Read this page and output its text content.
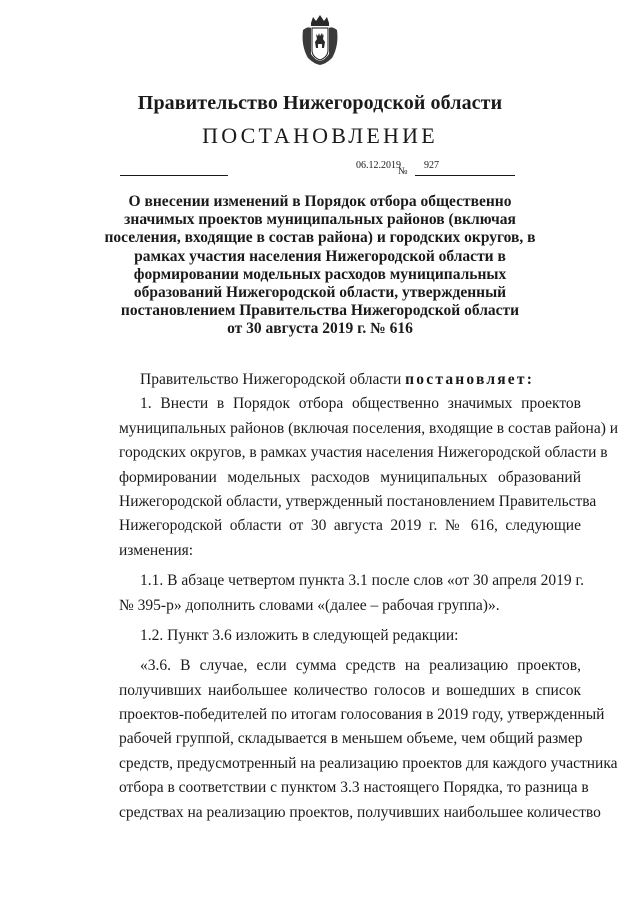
Правительство Нижегородской области
ПОСТАНОВЛЕНИЕ
06.12.2019
№
927
О внесении изменений в Порядок отбора общественно
значимых проектов муниципальных районов (включая
поселения, входящие в состав района) и городских округов, в
рамках участия населения Нижегородской области в
формировании модельных расходов муниципальных
образований Нижегородской области, утвержденный
постановлением Правительства Нижегородской области
от 30 августа 2019 г. № 616
Правительство Нижегородской области постановляет:
1. Внести в Порядок отбора общественно значимых проектов
муниципальных районов (включая поселения, входящие в состав района) и
городских округов, в рамках участия населения Нижегородской области в
формировании модельных расходов муниципальных образований
Нижегородской области, утвержденный постановлением Правительства
Нижегородской области от 30 августа 2019 г. № 616, следующие
изменения:
1.1. В абзаце четвертом пункта 3.1 после слов «от 30 апреля 2019 г.
№ 395-р» дополнить словами «(далее – рабочая группа)».
1.2. Пункт 3.6 изложить в следующей редакции:
«3.6. В случае, если сумма средств на реализацию проектов,
получивших наибольшее количество голосов и вошедших в список
проектов-победителей по итогам голосования в 2019 году, утвержденный
рабочей группой, складывается в меньшем объеме, чем общий размер
средств, предусмотренный на реализацию проектов для каждого участника
отбора в соответствии с пунктом 3.3 настоящего Порядка, то разница в
средствах на реализацию проектов, получивших наибольшее количество
